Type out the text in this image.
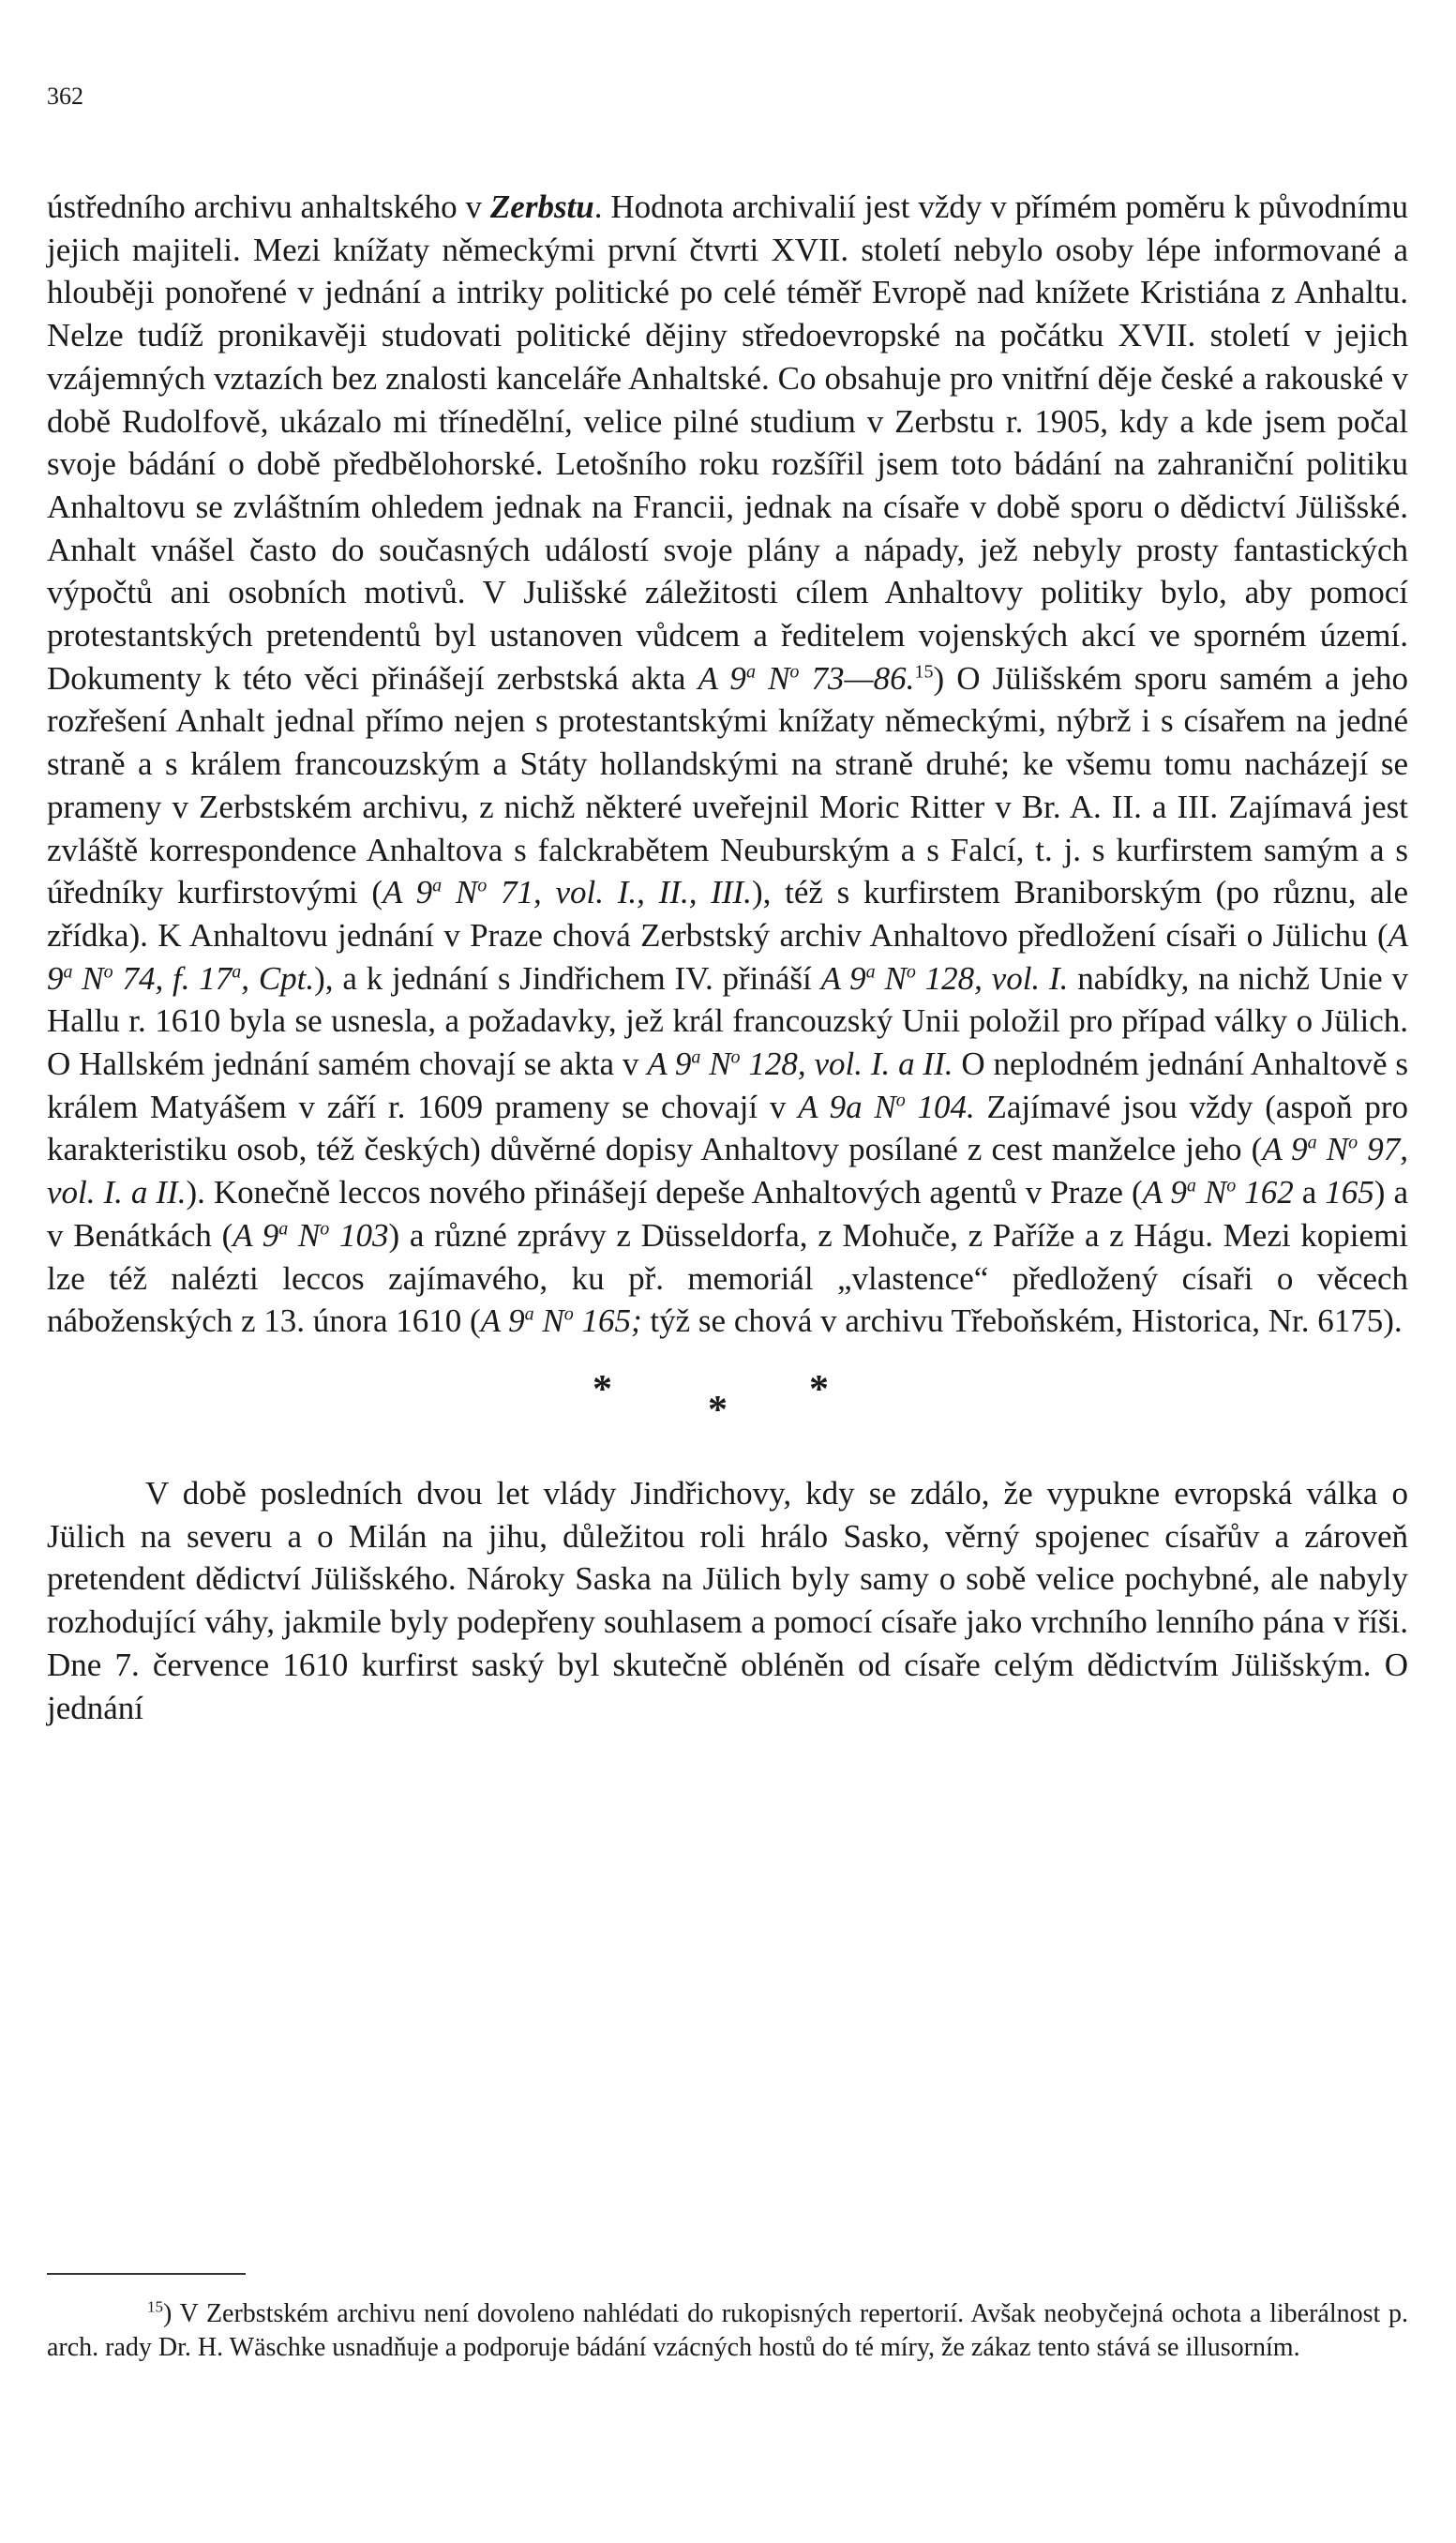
362

ústředního archivu anhaltského v Zerbstu. Hodnota archivalií jest vždy v přímém poměru k původnímu jejich majiteli. Mezi knížaty německými první čtvrti XVII. století nebylo osoby lépe informované a hlouběji ponořené v jednání a intriky politické po celé téměř Evropě nad knížete Kristiána z Anhaltu. Nelze tudíž pronikavěji studovati politické dějiny středoevropské na počátku XVII. století v jejich vzájemných vztazích bez znalosti kanceláře Anhaltské. Co obsahuje pro vnitřní děje české a rakouské v době Rudolfově, ukázalo mi třínedělní, velice pilné studium v Zerbstu r. 1905, kdy a kde jsem počal svoje bádání o době předbělohorské. Letošního roku rozšířil jsem toto bádání na zahraniční politiku Anhaltovu se zvláštním ohledem jednak na Francii, jednak na císaře v době sporu o dědictví Jülišské. Anhalt vnášel často do současných událostí svoje plány a nápady, jež nebyly prosty fantastických výpočtů ani osobních motivů. V Julišské záležitosti cílem Anhaltovy politiky bylo, aby pomocí protestantských pretendentů byl ustanoven vůdcem a ředitelem vojenských akcí ve sporném území. Dokumenty k této věci přinášejí zerbstská akta A 9$^a$ $N^o$ 73—86.15) O Jülišském sporu samém a jeho rozřešení Anhalt jednal přímo nejen s protestantskými knížaty německými, nýbrž i s císařem na jedné straně a s králem francouzským a Státy hollandskými na straně druhé; ke všemu tomu nacházejí se prameny v Zerbstském archivu, z nichž některé uveřejnil Moric Ritter v Br. A. II. a III. Zajímavá jest zvláště korrespondence Anhaltova s falckrabětem Neuburským a s Falcí, t. j. s kurfirstem samým a s úředníky kurfirstovými (A 9$^a$ $N^o$ 71, vol. I., II., III.), též s kurfirstem Braniborským (po různu, ale zřídka). K Anhaltovu jednání v Praze chová Zerbstský archiv Anhaltovo předložení císaři o Jülichu (A 9$^a$ $N^o$ 74, f. 17$^a$, Cpt.), a k jednání s Jindřichem IV. přináší A 9$^a$ $N^o$ 128, vol. I. nabídky, na nichž Unie v Hallu r. 1610 byla se usnesla, a požadavky, jež král francouzský Unii položil pro případ války o Jülich. O Hallském jednání samém chovají se akta v A 9$^a$ $N^o$ 128, vol. I. a II. O neplodném jednání Anhaltově s králem Matyášem v září r. 1609 prameny se chovají v A 9a $N^o$ 104. Zajímavé jsou vždy (aspoň pro karakteristiku osob, též českých) důvěrné dopisy Anhaltovy posílané z cest manželce jeho (A 9$^a$ $N^o$ 97, vol. I. a II.). Konečně leccos nového přinášejí depeše Anhaltových agentů v Praze (A 9$^a$ $N^o$ 162 a 165) a v Benátkách (A 9$^a$ $N^o$ 103) a různé zprávy z Düsseldorfa, z Mohuče, z Paříže a z Hágu. Mezi kopiemi lze též nalézti leccos zajímavého, ku př. memoriál „vlastence“ předložený císaři o věcech náboženských z 13. února 1610 (A 9$^a$ $N^o$ 165; týž se chová v archivu Třeboňském, Historica, Nr. 6175).

* * *

V době posledních dvou let vlády Jindřichovy, kdy se zdálo, že vypukne evropská válka o Jülich na severu a o Milán na jihu, důležitou roli hrálo Sasko, věrný spojenec císařův a zároveň pretendent dědictví Jülišského. Nároky Saska na Jülich byly samy o sobě velice pochybné, ale nabyly rozhodující váhy, jakmile byly podepřeny souhlasem a pomocí císaře jako vrchního lenního pána v říši. Dne 7. července 1610 kurfirst saský byl skutečně obléněn od císaře celým dědictvím Jülišským. O jednání

$^{15}$) V Zerbstském archivu není dovoleno nahlédati do rukopisných repertorií. Avšak neobyčejná ochota a liberálnost p. arch. rady Dr. H. Wäschke usnadňuje a podporuje bádání vzácných hostů do té míry, že zákaz tento stává se illusorním.
